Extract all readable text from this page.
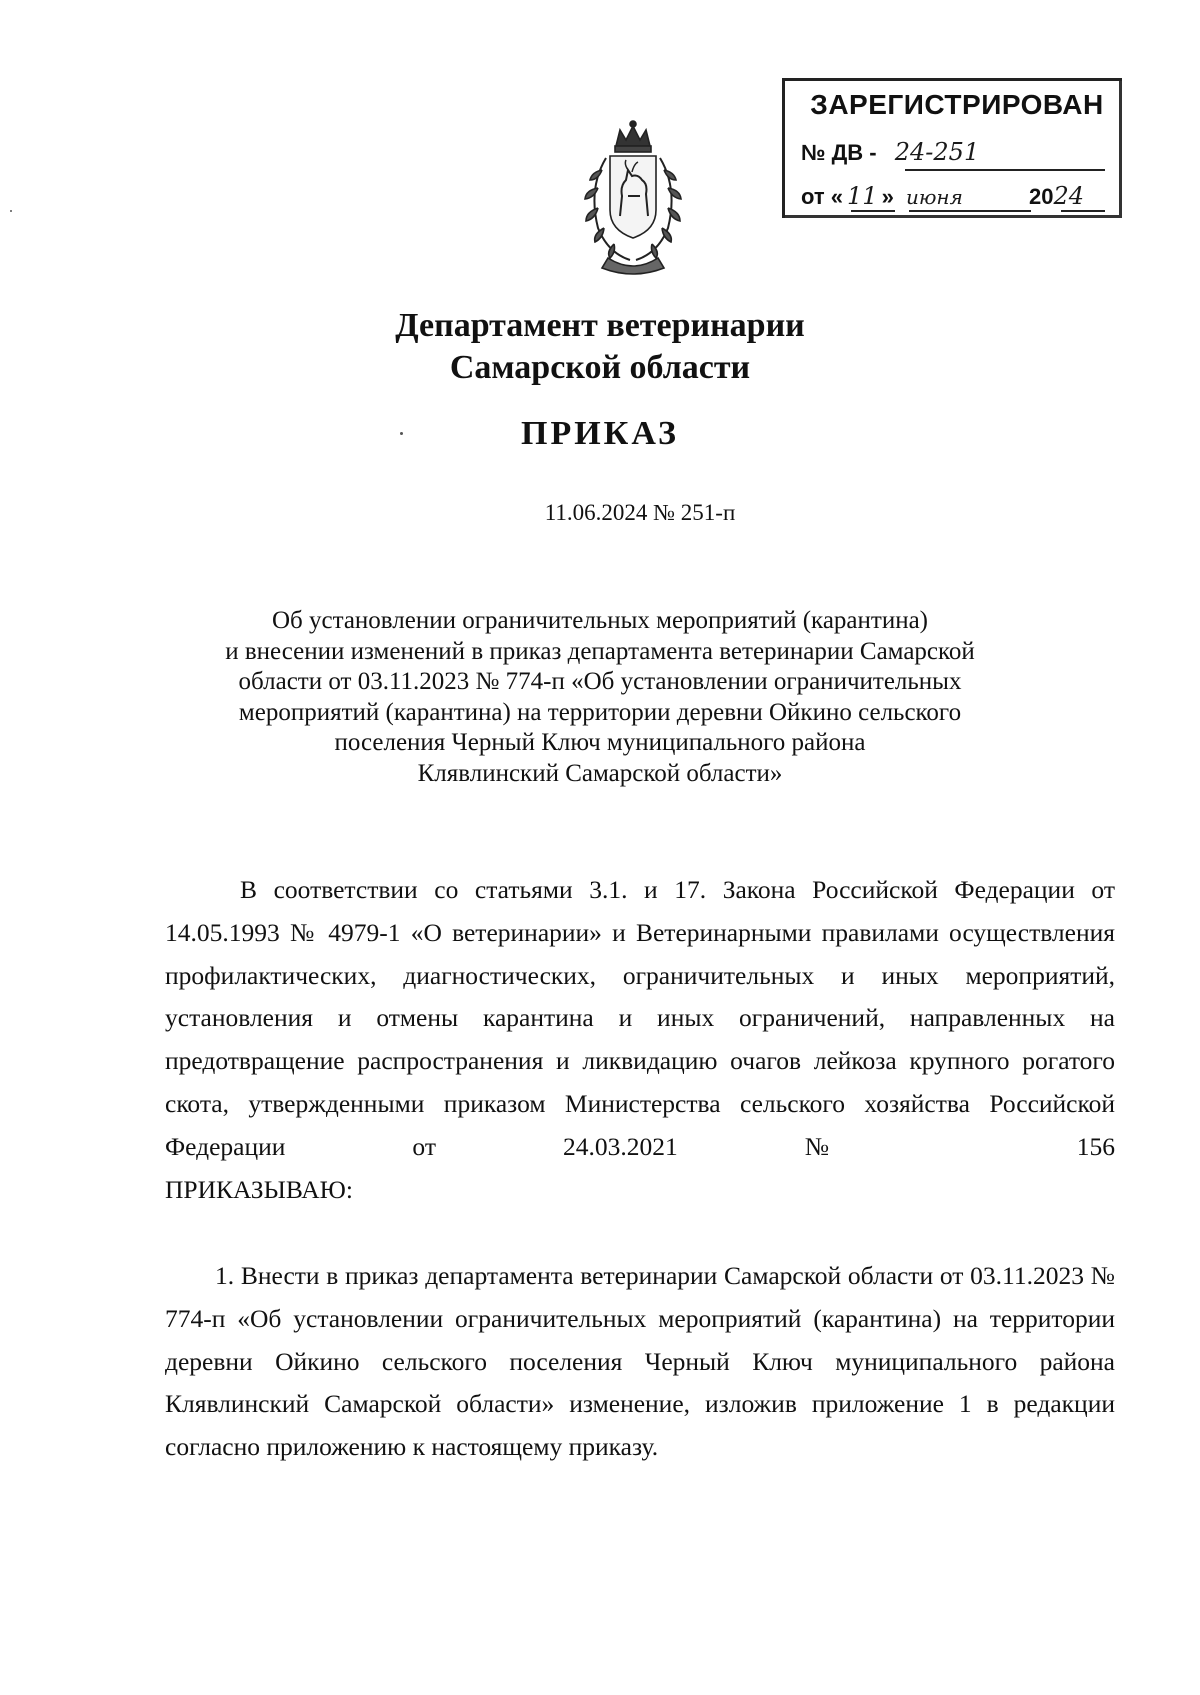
ЗАРЕГИСТРИРОВАН
№ ДВ - 24-251
от « 11 » июня	2024
Департамент ветеринарии
Самарской области
ПРИКАЗ
11.06.2024 № 251-п
Об установлении ограничительных мероприятий (карантина)
и внесении изменений в приказ департамента ветеринарии Самарской
области от 03.11.2023 № 774-п «Об установлении ограничительных
мероприятий (карантина) на территории деревни Ойкино сельского
поселения Черный Ключ муниципального района
Клявлинский Самарской области»
В соответствии со статьями 3.1. и 17. Закона Российской Федерации от 14.05.1993 № 4979-1 «О ветеринарии» и Ветеринарными правилами осуществления профилактических, диагностических, ограничительных и иных мероприятий, установления и отмены карантина и иных ограничений, направленных на предотвращение распространения и ликвидацию очагов лейкоза крупного рогатого скота, утвержденными приказом Министерства сельского хозяйства Российской Федерации от 24.03.2021 № 156
ПРИКАЗЫВАЮ:
1. Внести в приказ департамента ветеринарии Самарской области от 03.11.2023 № 774-п «Об установлении ограничительных мероприятий (карантина) на территории деревни Ойкино сельского поселения Черный Ключ муниципального района Клявлинский Самарской области» изменение, изложив приложение 1 в редакции согласно приложению к настоящему приказу.
